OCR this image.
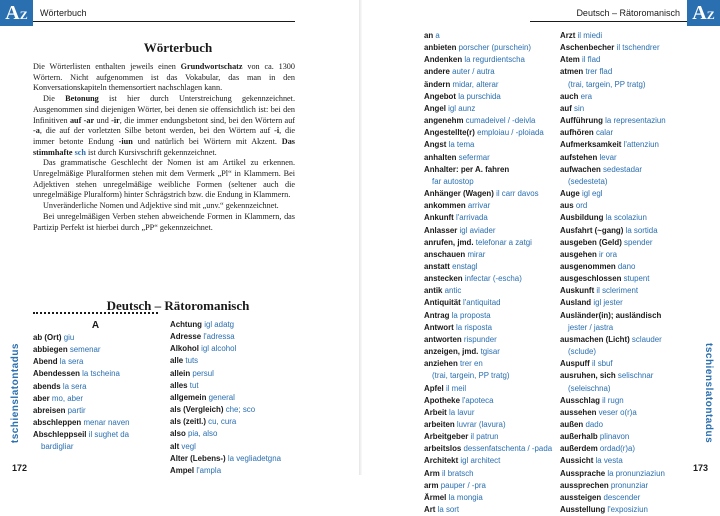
AZ	Wörterbuch
Wörterbuch

Die Wörterlisten enthalten jeweils einen Grundwortschatz von ca. 1300 Wörtern. Nicht aufgenommen ist das Vokabular, das man in den Konversationskapiteln themensortiert nachschlagen kann.

Die Betonung ist hier durch Unterstreichung gekennzeichnet. Ausgenommen sind diejenigen Wörter, bei denen sie offensichtlich ist: bei den Infinitiven auf -ar und -ir, die immer endungsbetont sind, bei den Wörtern auf -a, die auf der vorletzten Silbe betont werden, bei den Wörtern auf -i, die immer betonte Endung -iun und natürlich bei Wörtern mit Akzent. Das stimmhafte sch ist durch Kursivschrift gekennzeichnet.

Das grammatische Geschlecht der Nomen ist am Artikel zu erkennen. Unregelmäßige Pluralformen stehen mit dem Vermerk „Pl“ in Klammern. Bei Adjektiven stehen unregelmäßige weibliche Formen (seltener auch die unregelmäßige Pluralform) hinter Schrägstrich bzw. die Endung in Klammern.

Unveränderliche Nomen und Adjektive sind mit „unv.“ gekennzeichnet.

Bei unregelmäßigen Verben stehen abweichende Formen in Klammern, das Partizip Perfekt ist hierbei durch „PP“ gekennzeichnet.

Deutsch – Rätoromanisch
A
ab (Ort) giu
abbiegen semenar
Abend la sera
Abendessen la tscheina
abends la sera
aber mo, aber
abreisen partir
abschleppen menar naven
Abschleppseil il sughet da
bardigliar
Achtung igl adatg
Adresse l'adressa
Alkohol igl alcohol
alle tuts
allein persul
alles tut
allgemein general
als (Vergleich) che; sco
als (zeitl.) cu, cura
also pia, also
alt vegl
Alter (Lebens-) la vegliadetgna
Ampel l'ampla
tschienslatontadus
172
Deutsch – Rätoromanisch AZ
an a
anbieten porscher (purschein)
Andenken la regurdientscha
andere auter / autra
ändern midar, alterar
Angebot la purschida
Angel igl aunz
angenehm cumadeivel / -deivla
Angestellte(r) emploiau / -ploiada
Angst la tema
anhalten sefermar
Anhalter: per A. fahren
far autostop
Anhänger (Wagen) il carr davos
ankommen arrivar
Ankunft l'arrivada
Anlasser igl aviader
anrufen, jmd. telefonar a zatgi
anschauen mirar
anstatt enstagl
anstecken infectar (-escha)
antik antic
Antiquität l'antiquitad
Antrag la proposta
Antwort la risposta
antworten rispunder
anzeigen, jmd. tgisar
anziehen trer en
(trai, targein, PP tratg)
Apfel il meil
Apotheke l'apoteca
Arbeit la lavur
arbeiten luvrar (lavura)
Arbeitgeber il patrun
arbeitslos dessenfatschenta / -pada
Architekt igl architect
Arm il bratsch
arm pauper / -pra
Ärmel la mongia
Art la sort
Arzt il miedi
Aschenbecher il tschendrer
Atem il flad
atmen trer flad
(trai, targein, PP tratg)
auch era
auf sin
Aufführung la representaziun
aufhören calar
Aufmerksamkeit l'attenziun
aufstehen levar
aufwachen sedestadar
(sedesteta)
Auge igl egl
aus ord
Ausbildung la scolaziun
Ausfahrt (~gang) la sortida
ausgeben (Geld) spender
ausgehen ir ora
ausgenommen dano
ausgeschlossen stupent
Auskunft il scleriment
Ausland igl jester
Ausländer(in); ausländisch
jester / jastra
ausmachen (Licht) sclauder
(sclude)
Auspuff il sbuf
ausruhen, sich selischnar
(seleischna)
Ausschlag il rugn
aussehen veser o(r)a
außen dado
außerhalb plinavon
außerdem ordad(r)a)
Aussicht la vesta
Aussprache la pronunziaziun
aussprechen pronunziar
aussteigen descender
Ausstellung l'exposiziun
tschienslatontadus
173
